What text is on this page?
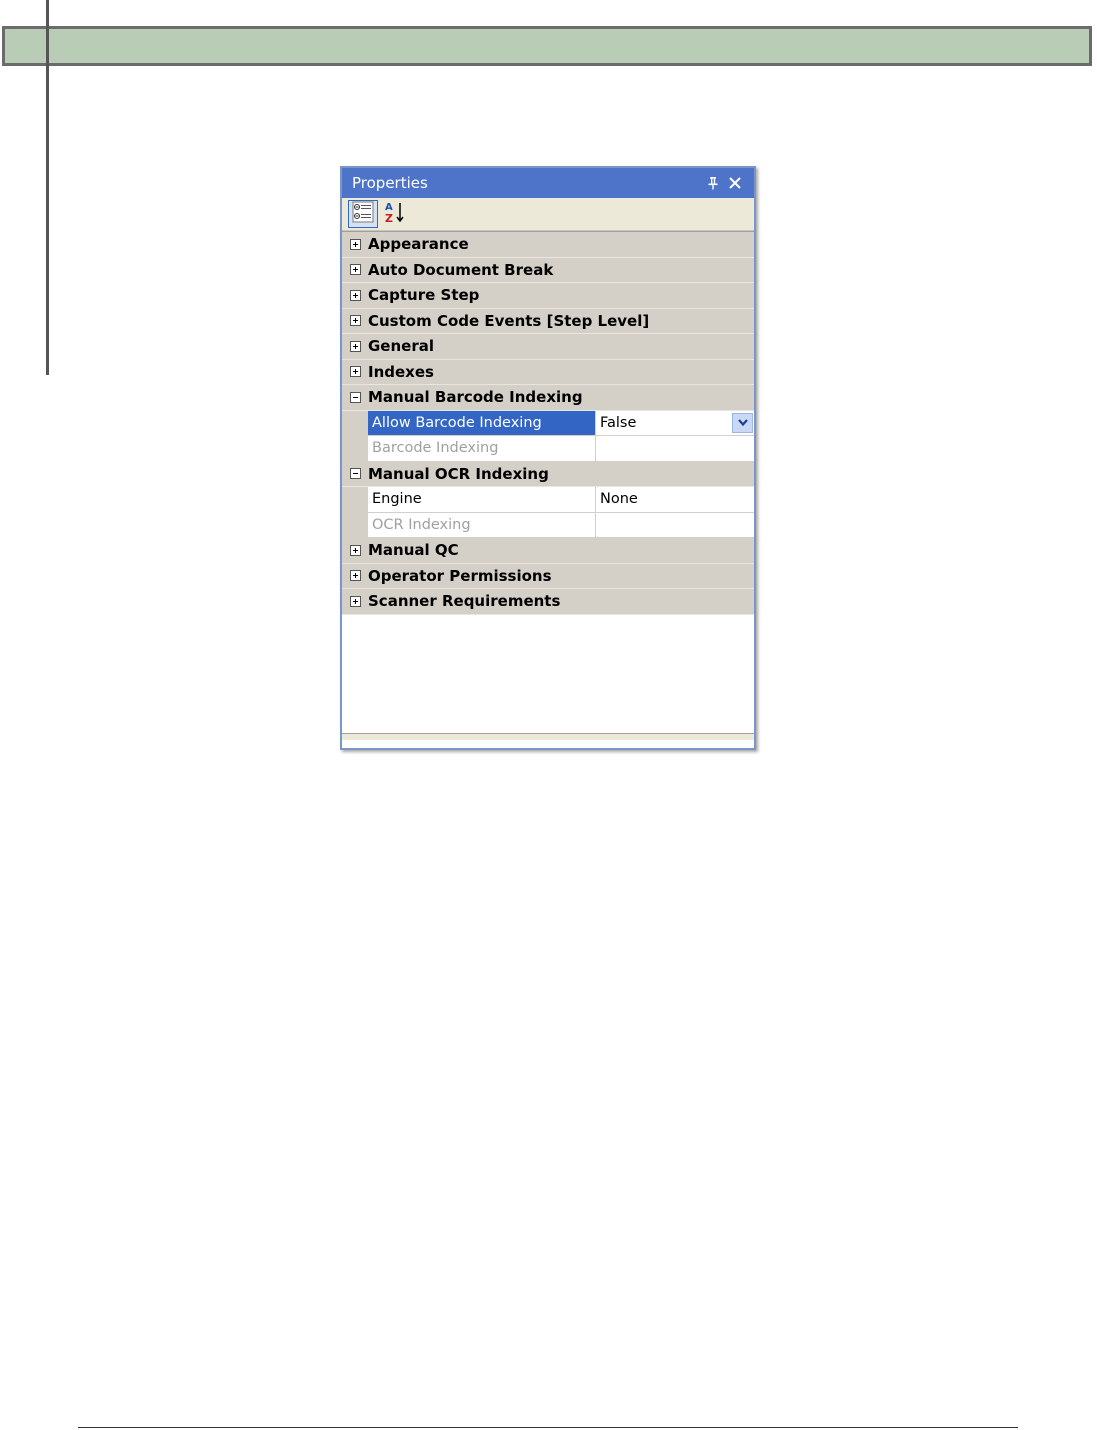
Properties
A
Z
Appearance
Auto Document Break
Capture Step
Custom Code Events [Step Level]
General
Indexes
Manual Barcode Indexing
Allow Barcode Indexing	False
Barcode Indexing
Manual OCR Indexing
Engine	None
OCR Indexing
Manual QC
Operator Permissions
Scanner Requirements
